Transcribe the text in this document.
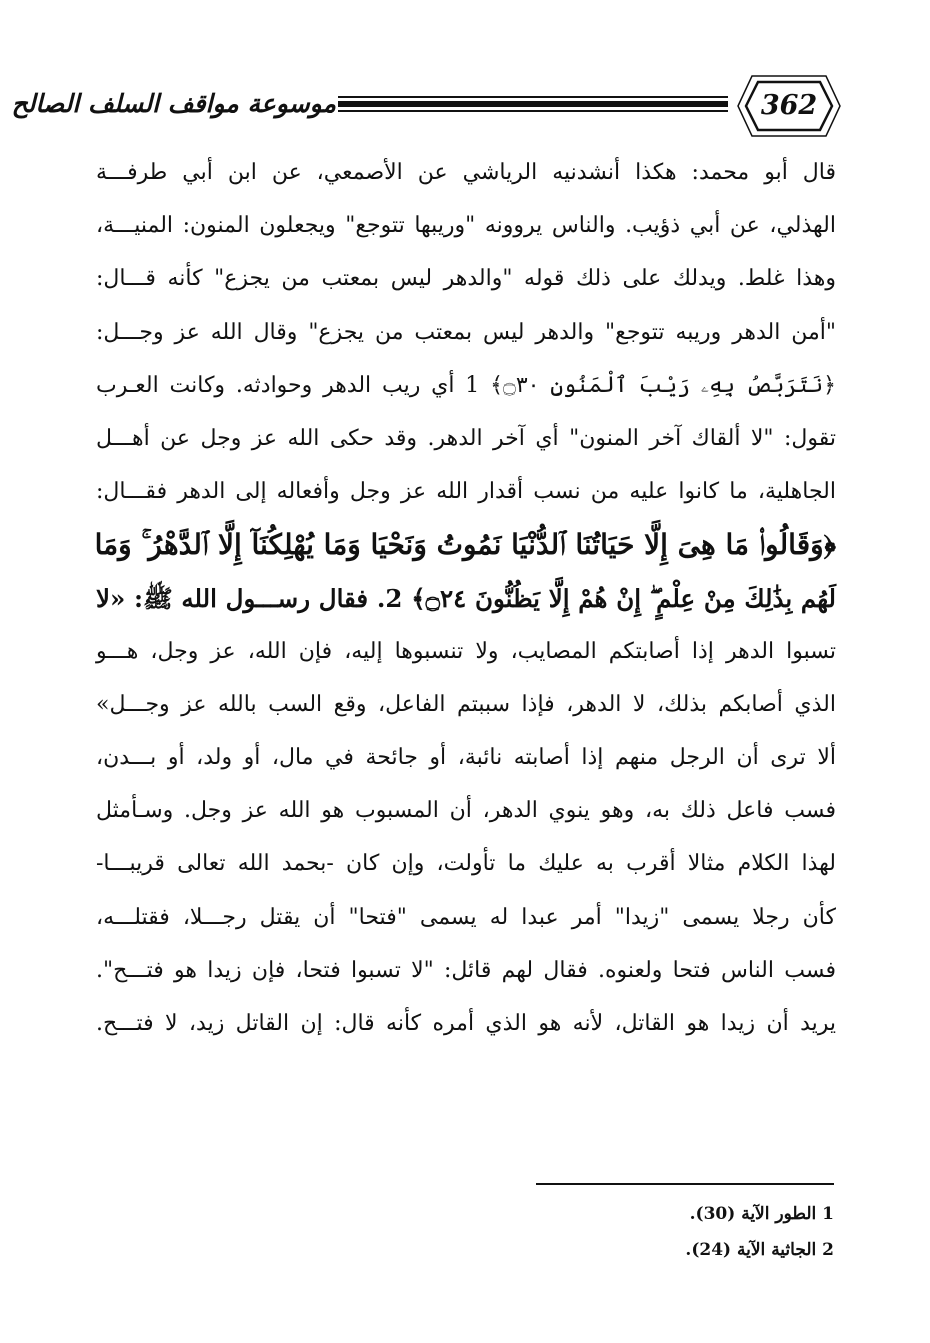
موسوعة مواقف السلف الصالح	362
قال أبو محمد: هكذا أنشدنيه الرياشي عن الأصمعي، عن ابن أبي طرفـــة
الهذلي، عن أبي ذؤيب. والناس يروونه "وريبها تتوجع" ويجعلون المنون: المنيـــة،
وهذا غلط. ويدلك على ذلك قوله "والدهر ليس بمعتب من يجزع" كأنه قـــال:
"أمن الدهر وريبه تتوجع" والدهر ليس بمعتب من يجزع" وقال الله عز وجـــل:
﴿نَتَرَبَّصُ بِهِۦ رَيْبَ ٱلْمَنُونِ ۝٣٠﴾ 1 أي ريب الدهر وحوادثه. وكانت العـرب
تقول: "لا ألقاك آخر المنون" أي آخر الدهر. وقد حكى الله عز وجل عن أهـــل
الجاهلية، ما كانوا عليه من نسب أقدار الله عز وجل وأفعاله إلى الدهر فقـــال:
﴿وَقَالُوا۟ مَا هِىَ إِلَّا حَيَاتُنَا ٱلدُّنْيَا نَمُوتُ وَنَحْيَا وَمَا يُهْلِكُنَآ إِلَّا ٱلدَّهْرُ ۚ وَمَا
لَهُم بِذَٰلِكَ مِنْ عِلْمٍ ۖ إِنْ هُمْ إِلَّا يَظُنُّونَ ۝٢٤﴾ 2. فقال رســـول الله ﷺ: «لا
تسبوا الدهر إذا أصابتكم المصايب، ولا تنسبوها إليه، فإن الله، عز وجل، هـــو
الذي أصابكم بذلك، لا الدهر، فإذا سببتم الفاعل، وقع السب بالله عز وجـــل»
ألا ترى أن الرجل منهم إذا أصابته نائبة، أو جائحة في مال، أو ولد، أو بـــدن،
فسب فاعل ذلك به، وهو ينوي الدهر، أن المسبوب هو الله عز وجل. وسـأمثل
لهذا الكلام مثالا أقرب به عليك ما تأولت، وإن كان -بحمد الله تعالى قريبـــا-
كأن رجلا يسمى "زيدا" أمر عبدا له يسمى "فتحا" أن يقتل رجـــلا، فقتلـــه،
فسب الناس فتحا ولعنوه. فقال لهم قائل: "لا تسبوا فتحا، فإن زيدا هو فتـــح".
يريد أن زيدا هو القاتل، لأنه هو الذي أمره كأنه قال: إن القاتل زيد، لا فتـــح.
1 الطور الآية (30).
2 الجاثية الآية (24).
